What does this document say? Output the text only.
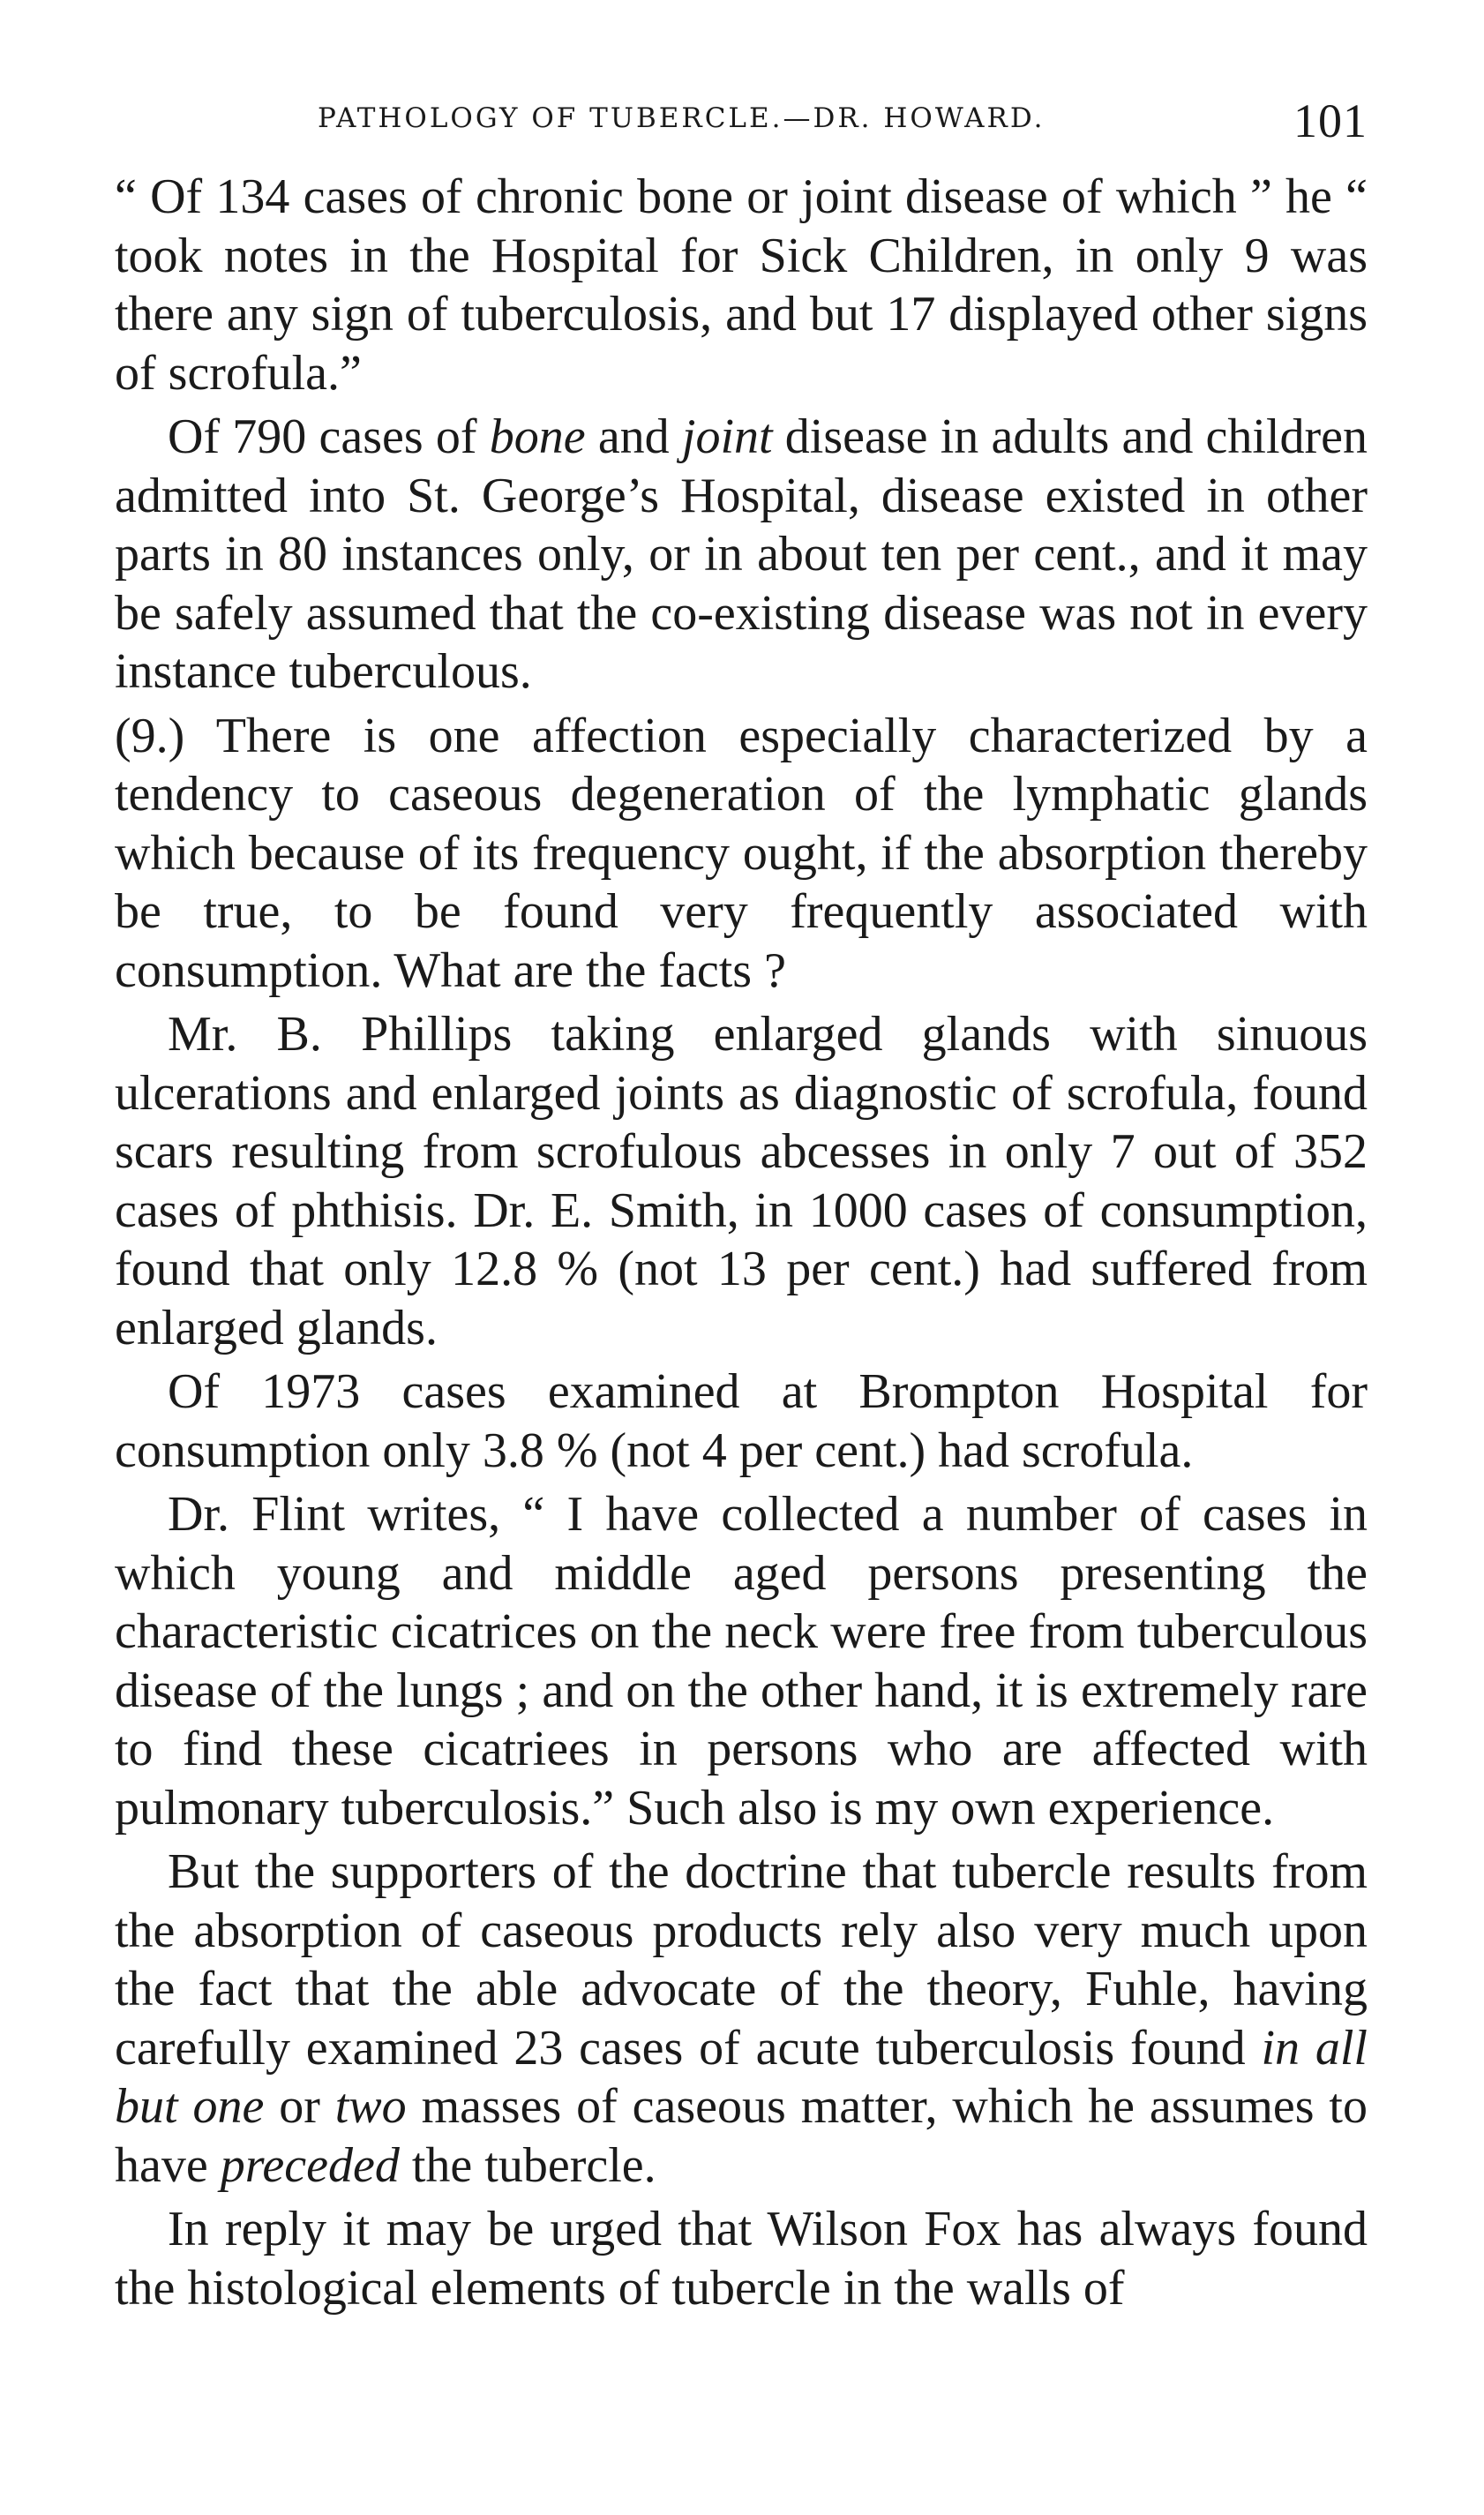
PATHOLOGY OF TUBERCLE.—DR. HOWARD.	101

“ Of 134 cases of chronic bone or joint disease of which ” he “ took notes in the Hospital for Sick Children, in only 9 was there any sign of tuberculosis, and but 17 displayed other signs of scrofula.”

Of 790 cases of bone and joint disease in adults and children admitted into St. George’s Hospital, disease existed in other parts in 80 instances only, or in about ten per cent., and it may be safely assumed that the co-existing disease was not in every instance tuberculous.

(9.) There is one affection especially characterized by a tendency to caseous degeneration of the lymphatic glands which because of its frequency ought, if the absorption thereby be true, to be found very frequently associated with consumption. What are the facts ?

Mr. B. Phillips taking enlarged glands with sinuous ulcerations and enlarged joints as diagnostic of scrofula, found scars resulting from scrofulous abcesses in only 7 out of 352 cases of phthisis. Dr. E. Smith, in 1000 cases of consumption, found that only 12.8 % (not 13 per cent.) had suffered from enlarged glands.

Of 1973 cases examined at Brompton Hospital for consumption only 3.8 % (not 4 per cent.) had scrofula.

Dr. Flint writes, “ I have collected a number of cases in which young and middle aged persons presenting the characteristic cicatrices on the neck were free from tuberculous disease of the lungs ; and on the other hand, it is extremely rare to find these cicatriees in persons who are affected with pulmonary tuberculosis.” Such also is my own experience.

But the supporters of the doctrine that tubercle results from the absorption of caseous products rely also very much upon the fact that the able advocate of the theory, Fuhle, having carefully examined 23 cases of acute tuberculosis found in all but one or two masses of caseous matter, which he assumes to have preceded the tubercle.

In reply it may be urged that Wilson Fox has always found the histological elements of tubercle in the walls of
